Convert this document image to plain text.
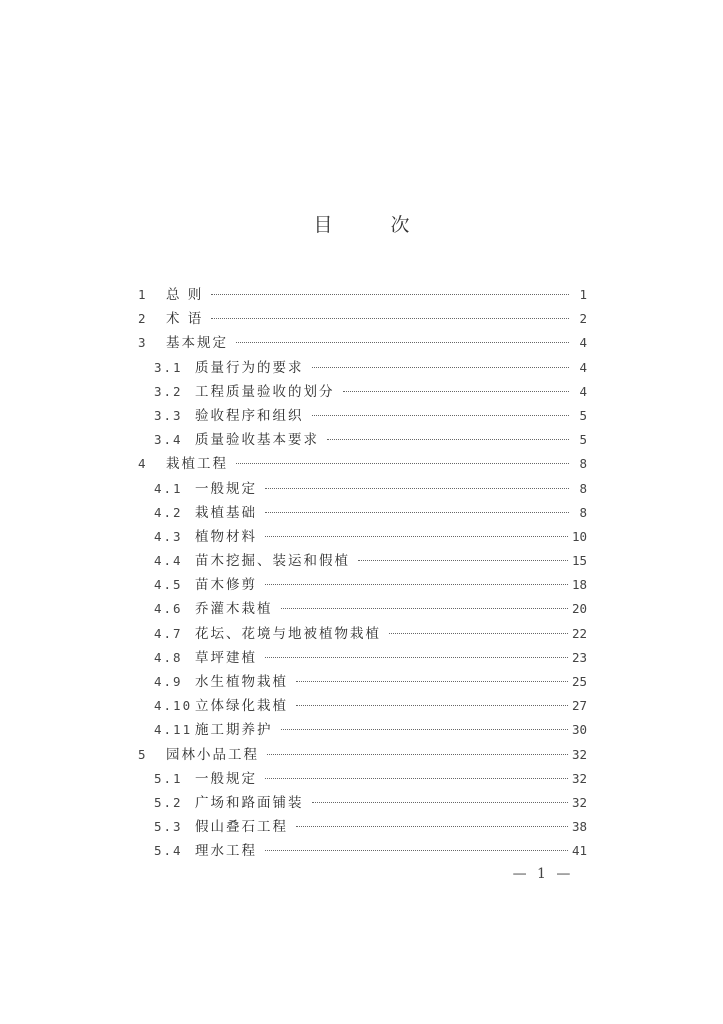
目 次
1	总 则	1
2	术 语	2
3	基本规定	4
3.1 质量行为的要求	4
3.2 工程质量验收的划分	4
3.3 验收程序和组织	5
3.4 质量验收基本要求	5
4	栽植工程	8
4.1 一般规定	8
4.2 栽植基础	8
4.3 植物材料	10
4.4 苗木挖掘、装运和假植	15
4.5 苗木修剪	18
4.6 乔灌木栽植	20
4.7 花坛、花境与地被植物栽植	22
4.8 草坪建植	23
4.9 水生植物栽植	25
4.10 立体绿化栽植	27
4.11 施工期养护	30
5	园林小品工程	32
5.1 一般规定	32
5.2 广场和路面铺装	32
5.3 假山叠石工程	38
5.4 理水工程	41
— 1 —
